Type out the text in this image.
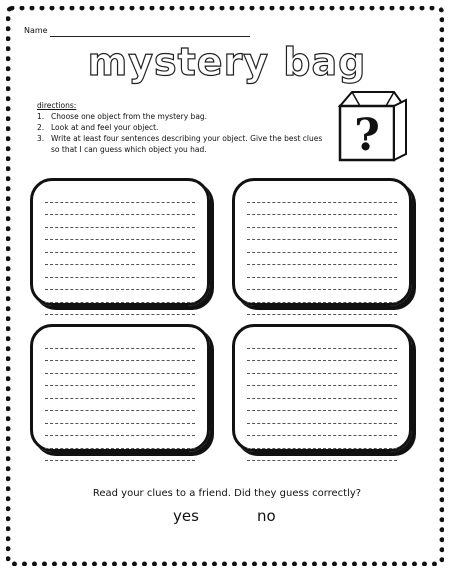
Name
mystery bag
directions:
1. Choose one object from the mystery bag.
2. Look at and feel your object.
3. Write at least four sentences describing your object. Give the best clues so that I can guess which object you had.	?
Read your clues to a friend. Did they guess correctly?
yes	no
